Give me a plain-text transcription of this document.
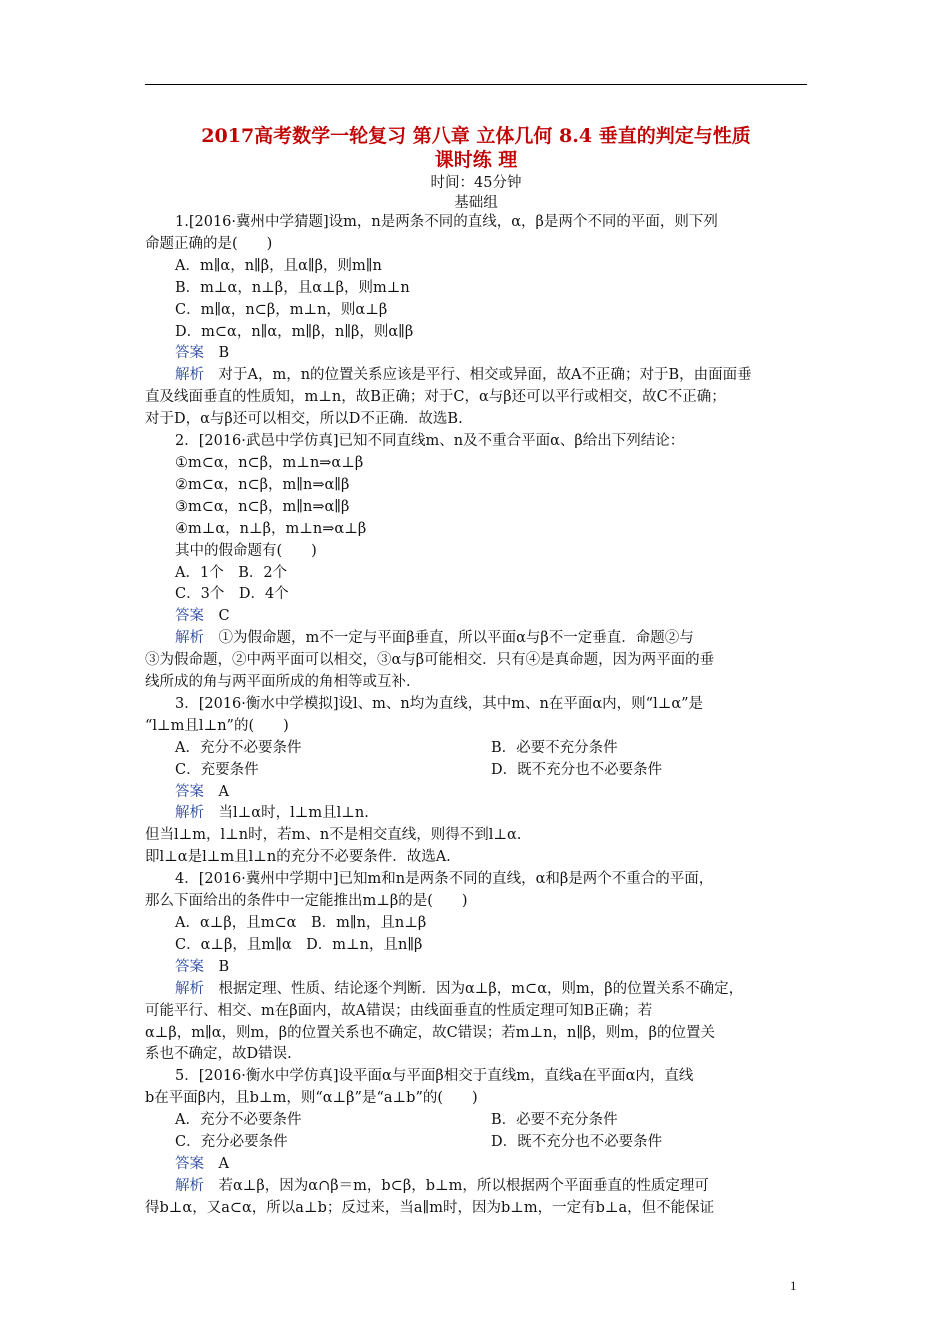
2017高考数学一轮复习 第八章 立体几何 8.4 垂直的判定与性质
课时练 理
时间：45分钟
基础组

1.[2016·冀州中学猜题]设m，n是两条不同的直线，α，β是两个不同的平面，则下列

命题正确的是(　　)

A．m∥α，n∥β，且α∥β，则m∥n

B．m⊥α，n⊥β，且α⊥β，则m⊥n

C．m∥α，n⊂β，m⊥n，则α⊥β

D．m⊂α，n∥α，m∥β，n∥β，则α∥β

答案　 B

解析　 对于A，m，n的位置关系应该是平行、相交或异面，故A不正确；对于B，由面面垂

直及线面垂直的性质知，m⊥n，故B正确；对于C，α与β还可以平行或相交，故C不正确；

对于D，α与β还可以相交，所以D不正确．故选B.

2．[2016·武邑中学仿真]已知不同直线m、n及不重合平面α、β给出下列结论：

①m⊂α，n⊂β，m⊥n⇒α⊥β

②m⊂α，n⊂β，m∥n⇒α∥β

③m⊂α，n⊂β，m∥n⇒α∥β

④m⊥α，n⊥β，m⊥n⇒α⊥β

其中的假命题有(　　)

A．1个　B．2个

C．3个　D．4个

答案　 C

解析　 ①为假命题，m不一定与平面β垂直，所以平面α与β不一定垂直．命题②与

③为假命题，②中两平面可以相交，③α与β可能相交．只有④是真命题，因为两平面的垂

线所成的角与两平面所成的角相等或互补.

3．[2016·衡水中学模拟]设l、m、n均为直线，其中m、n在平面α内，则“l⊥α”是

“l⊥m且l⊥n”的(　　)

A．充分不必要条件	B．必要不充分条件
C．充要条件	D．既不充分也不必要条件

答案　 A

解析　 当l⊥α时，l⊥m且l⊥n.

但当l⊥m，l⊥n时，若m、n不是相交直线，则得不到l⊥α.

即l⊥α是l⊥m且l⊥n的充分不必要条件．故选A.

4．[2016·冀州中学期中]已知m和n是两条不同的直线，α和β是两个不重合的平面，

那么下面给出的条件中一定能推出m⊥β的是(　　)

A．α⊥β，且m⊂α　B．m∥n，且n⊥β

C．α⊥β，且m∥α　D．m⊥n，且n∥β

答案　 B

解析　 根据定理、性质、结论逐个判断．因为α⊥β，m⊂α，则m，β的位置关系不确定，

可能平行、相交、m在β面内，故A错误；由线面垂直的性质定理可知B正确；若

α⊥β，m∥α，则m，β的位置关系也不确定，故C错误；若m⊥n，n∥β，则m，β的位置关

系也不确定，故D错误.

5．[2016·衡水中学仿真]设平面α与平面β相交于直线m，直线a在平面α内，直线

b在平面β内，且b⊥m，则“α⊥β”是“a⊥b”的(　　)

A．充分不必要条件	B．必要不充分条件
C．充分必要条件	D．既不充分也不必要条件

答案　 A

解析　 若α⊥β，因为α∩β＝m，b⊂β，b⊥m，所以根据两个平面垂直的性质定理可

得b⊥α，又a⊂α，所以a⊥b；反过来，当a∥m时，因为b⊥m，一定有b⊥a，但不能保证

1
